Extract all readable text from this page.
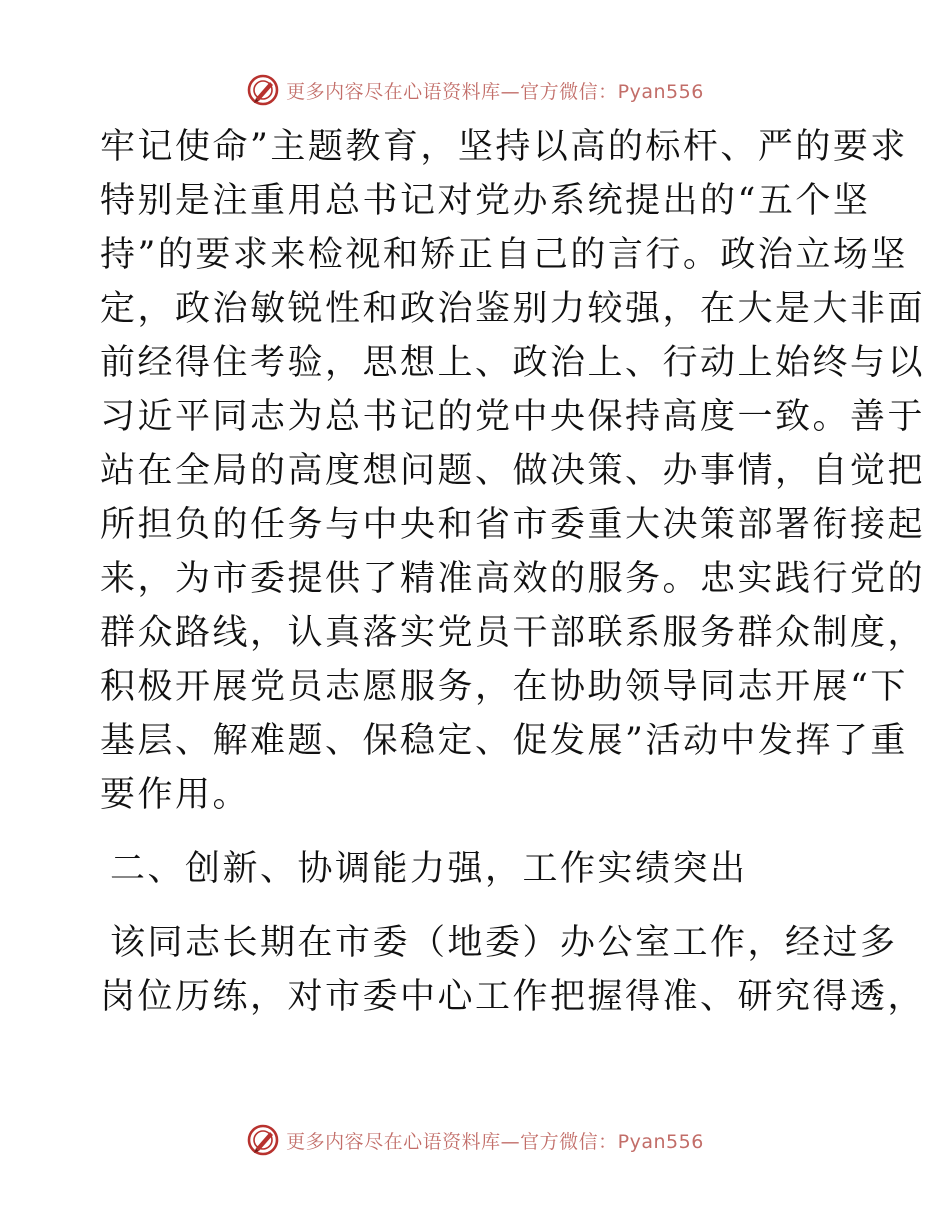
更多内容尽在心语资料库—官方微信：Pyan556

牢记使命”主题教育，坚持以高的标杆、严的要求

特别是注重用总书记对党办系统提出的“五个坚

持”的要求来检视和矫正自己的言行。政治立场坚

定，政治敏锐性和政治鉴别力较强，在大是大非面

前经得住考验，思想上、政治上、行动上始终与以

习近平同志为总书记的党中央保持高度一致。善于

站在全局的高度想问题、做决策、办事情，自觉把

所担负的任务与中央和省市委重大决策部署衔接起

来，为市委提供了精准高效的服务。忠实践行党的

群众路线，认真落实党员干部联系服务群众制度，

积极开展党员志愿服务，在协助领导同志开展“下

基层、解难题、保稳定、促发展”活动中发挥了重

要作用。

二、创新、协调能力强，工作实绩突出

该同志长期在市委（地委）办公室工作，经过多

岗位历练，对市委中心工作把握得准、研究得透，

更多内容尽在心语资料库—官方微信：Pyan556
